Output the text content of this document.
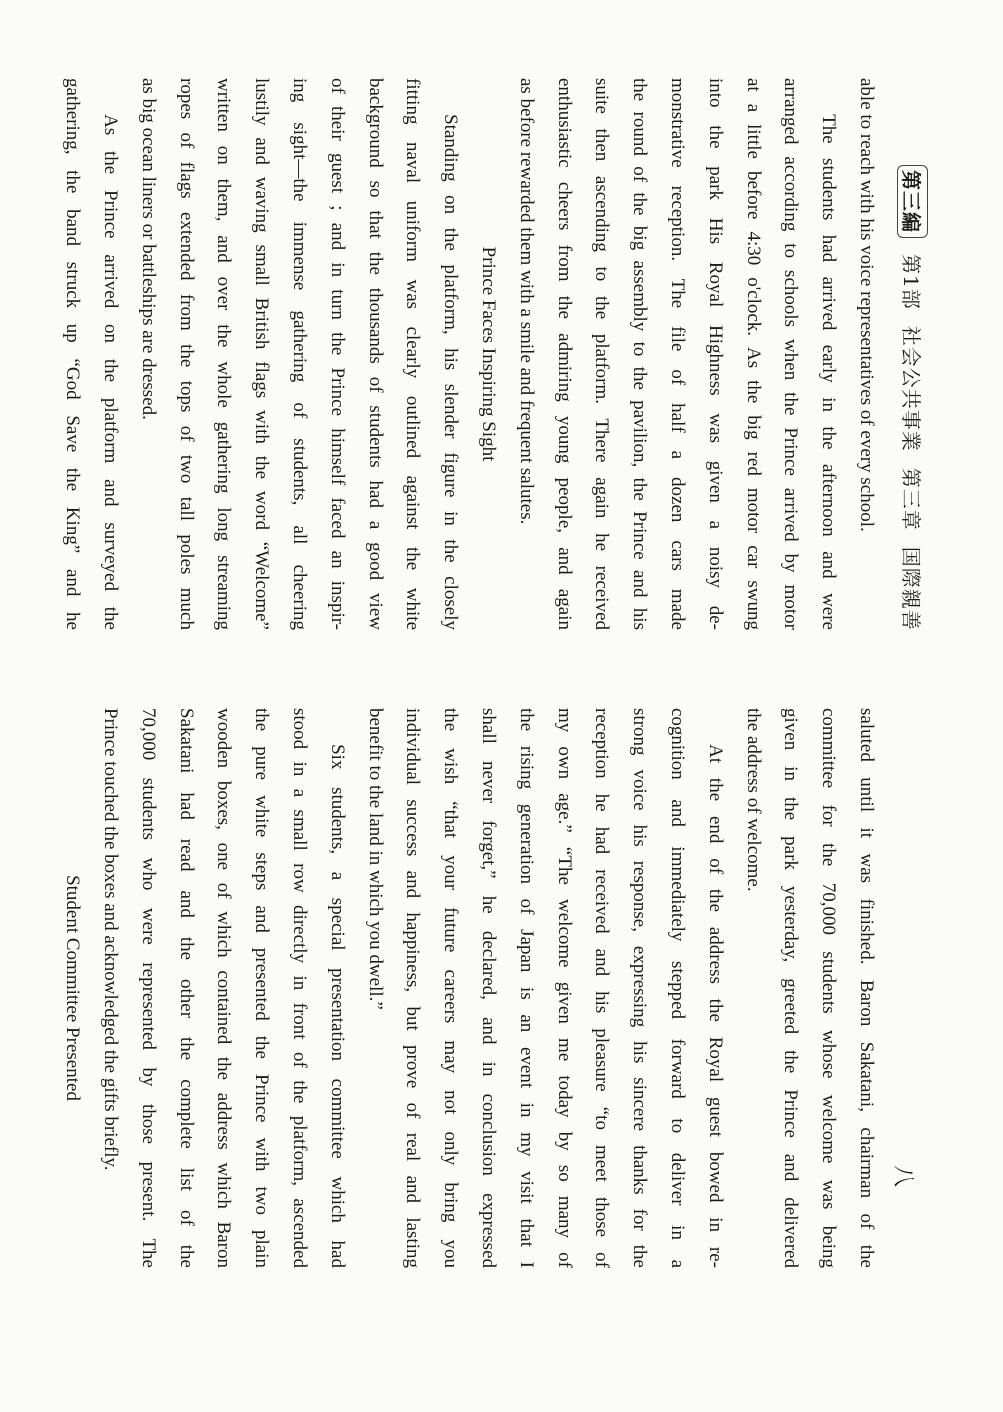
第三編
第1部
社会公共事業
第三章
国際親善
八
able to reach with his voice representatives of every school.
The students had arrived early in the afternoon and were
arranged according to schools when the Prince arrived by motor
at a little before 4:30 o'clock. As the big red motor car swung
into the park His Royal Highness was given a noisy de-
monstrative reception. The file of half a dozen cars made
the round of the big assembly to the pavilion, the Prince and his
suite then ascending to the platform. There again he received
enthusiastic cheers from the admiring young people, and again
as before rewarded them with a smile and frequent salutes.
Prince Faces Inspiring Sight
Standing on the platform, his slender figure in the closely
fitting naval uniform was clearly outlined against the white
background so that the thousands of students had a good view
of their guest ; and in turn the Prince himself faced an inspir-
ing sight—the immense gathering of students, all cheering
lustily and waving small British flags with the word “Welcome”
written on them, and over the whole gathering long streaming
ropes of flags extended from the tops of two tall poles much
as big ocean liners or battleships are dressed.
As the Prince arrived on the platform and surveyed the
gathering, the band struck up “God Save the King” and he
saluted until it was finished. Baron Sakatani, chairman of the
committee for the 70,000 students whose welcome was being
given in the park yesterday, greeted the Prince and delivered
the address of welcome.
At the end of the address the Royal guest bowed in re-
cognition and immediately stepped forward to deliver in a
strong voice his response, expressing his sincere thanks for the
reception he had received and his pleasure “to meet those of
my own age.” “The welcome given me today by so many of
the rising generation of Japan is an event in my visit that I
shall never forget,” he declared, and in conclusion expressed
the wish “that your future careers may not only bring you
individual success and happiness, but prove of real and lasting
benefit to the land in which you dwell.”
Six students, a special presentation committee which had
stood in a small row directly in front of the platform, ascended
the pure white steps and presented the Prince with two plain
wooden boxes, one of which contained the address which Baron
Sakatani had read and the other the complete list of the
70,000 students who were represented by those present. The
Prince touched the boxes and acknowledged the gifts briefly.
Student Committee Presented
